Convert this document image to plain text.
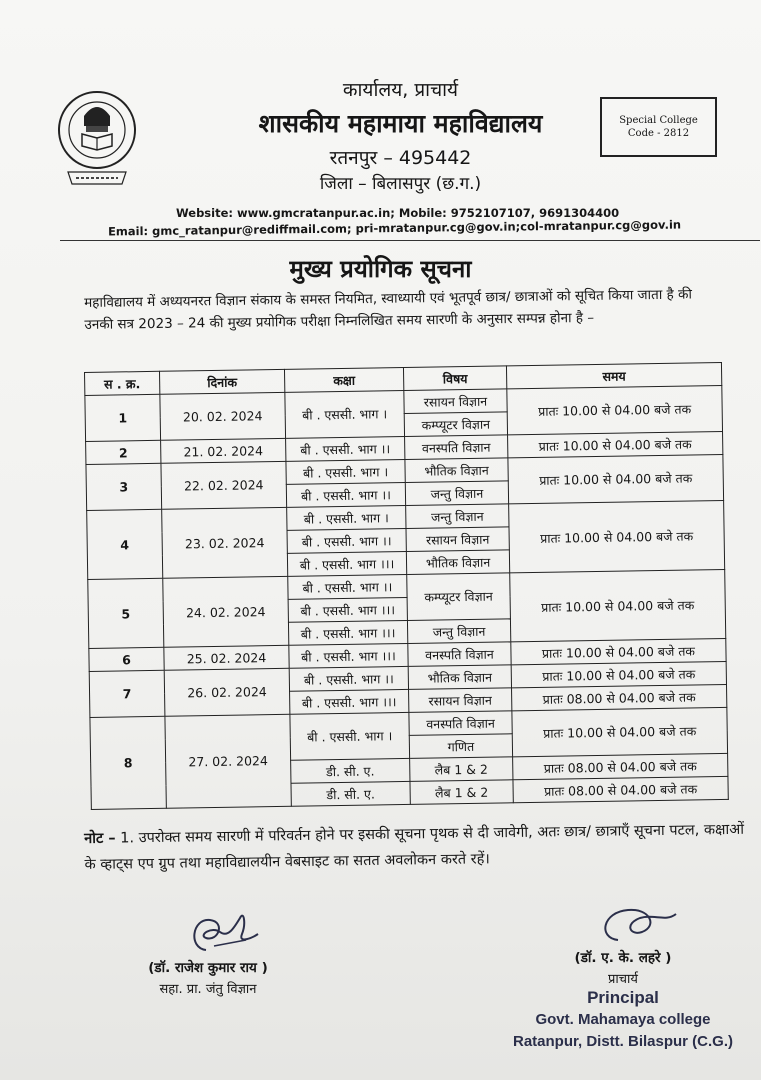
कार्यालय, प्राचार्य
शासकीय महामाया महाविद्यालय
रतनपुर – 495442
जिला – बिलासपुर (छ.ग.)
Special College
Code - 2812
Website: www.gmcratanpur.ac.in; Mobile: 9752107107, 9691304400
Email: gmc_ratanpur@rediffmail.com; pri-mratanpur.cg@gov.in;col-mratanpur.cg@gov.in
मुख्य प्रयोगिक सूचना
महाविद्यालय में अध्ययनरत विज्ञान संकाय के समस्त नियमित, स्वाध्यायी एवं भूतपूर्व छात्र/ छात्राओं को सूचित किया जाता है की उनकी सत्र 2023 – 24 की मुख्य प्रयोगिक परीक्षा निम्नलिखित समय सारणी के अनुसार सम्पन्न होना है –
स . क्र.	दिनांक	कक्षा	विषय	समय
1	20. 02. 2024	बी . एससी. भाग ।	रसायन विज्ञान	प्रातः 10.00 से 04.00 बजे तक
			कम्प्यूटर विज्ञान	
2	21. 02. 2024	बी . एससी. भाग ।।	वनस्पति विज्ञान	प्रातः 10.00 से 04.00 बजे तक
3	22. 02. 2024	बी . एससी. भाग ।	भौतिक विज्ञान	प्रातः 10.00 से 04.00 बजे तक
		बी . एससी. भाग ।।	जन्तु विज्ञान	
4	23. 02. 2024	बी . एससी. भाग ।	जन्तु विज्ञान	प्रातः 10.00 से 04.00 बजे तक
		बी . एससी. भाग ।।	रसायन विज्ञान	
		बी . एससी. भाग ।।।	भौतिक विज्ञान	
5	24. 02. 2024	बी . एससी. भाग ।।	कम्प्यूटर विज्ञान	प्रातः 10.00 से 04.00 बजे तक
		बी . एससी. भाग ।।।		
		बी . एससी. भाग ।।।	जन्तु विज्ञान	
6	25. 02. 2024	बी . एससी. भाग ।।।	वनस्पति विज्ञान	प्रातः 10.00 से 04.00 बजे तक
7	26. 02. 2024	बी . एससी. भाग ।।	भौतिक विज्ञान	प्रातः 10.00 से 04.00 बजे तक
		बी . एससी. भाग ।।।	रसायन विज्ञान	प्रातः 08.00 से 04.00 बजे तक
8	27. 02. 2024	बी . एससी. भाग ।	वनस्पति विज्ञान	प्रातः 10.00 से 04.00 बजे तक
			गणित	
		डी. सी. ए.	लैब 1 & 2	प्रातः 08.00 से 04.00 बजे तक
		डी. सी. ए.	लैब 1 & 2	प्रातः 08.00 से 04.00 बजे तक
नोट – 1. उपरोक्त समय सारणी में परिवर्तन होने पर इसकी सूचना पृथक से दी जावेगी, अतः छात्र/ छात्राएँ सूचना पटल, कक्षाओं के व्हाट्स एप ग्रुप तथा महाविद्यालयीन वेबसाइट का सतत अवलोकन करते रहें।
(डॉ. राजेश कुमार राय )
सहा. प्रा. जंतु विज्ञान
(डॉ. ए. के. लहरे )
प्राचार्य
Principal
Govt. Mahamaya college
Ratanpur, Distt. Bilaspur (C.G.)
